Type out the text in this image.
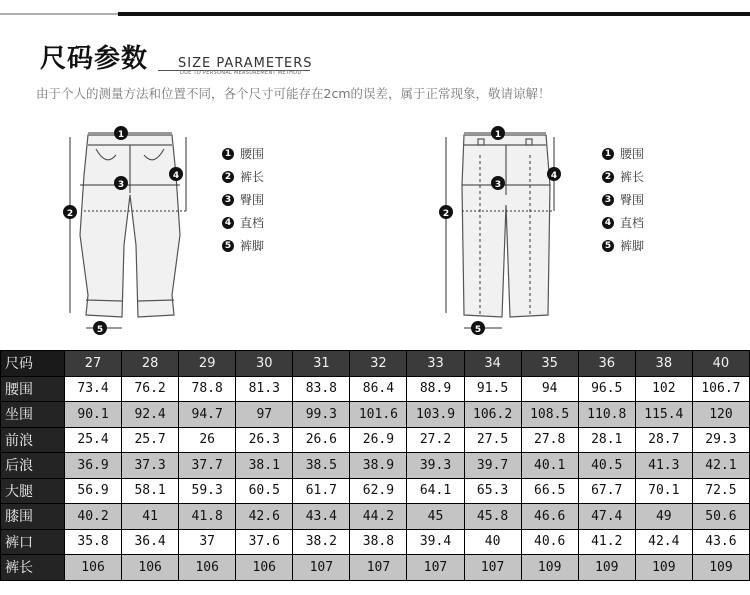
尺码参数 SIZE PARAMETERS
DUE TO PERSONAL MEASUREMENT METHOD
由于个人的测量方法和位置不同，各个尺寸可能存在2cm的误差，属于正常现象，敬请谅解！
1
2
3
4
5
1 腰围
2 裤长
3 臀围
4 直档
5 裤脚
1
2
3
4
5
1 腰围
2 裤长
3 臀围
4 直档
5 裤脚
尺码	27	28	29	30	31	32	33	34	35	36	38	40
腰围	73.4	76.2	78.8	81.3	83.8	86.4	88.9	91.5	94	96.5	102	106.7
坐围	90.1	92.4	94.7	97	99.3	101.6	103.9	106.2	108.5	110.8	115.4	120
前浪	25.4	25.7	26	26.3	26.6	26.9	27.2	27.5	27.8	28.1	28.7	29.3
后浪	36.9	37.3	37.7	38.1	38.5	38.9	39.3	39.7	40.1	40.5	41.3	42.1
大腿	56.9	58.1	59.3	60.5	61.7	62.9	64.1	65.3	66.5	67.7	70.1	72.5
膝围	40.2	41	41.8	42.6	43.4	44.2	45	45.8	46.6	47.4	49	50.6
裤口	35.8	36.4	37	37.6	38.2	38.8	39.4	40	40.6	41.2	42.4	43.6
裤长	106	106	106	106	107	107	107	107	109	109	109	109
